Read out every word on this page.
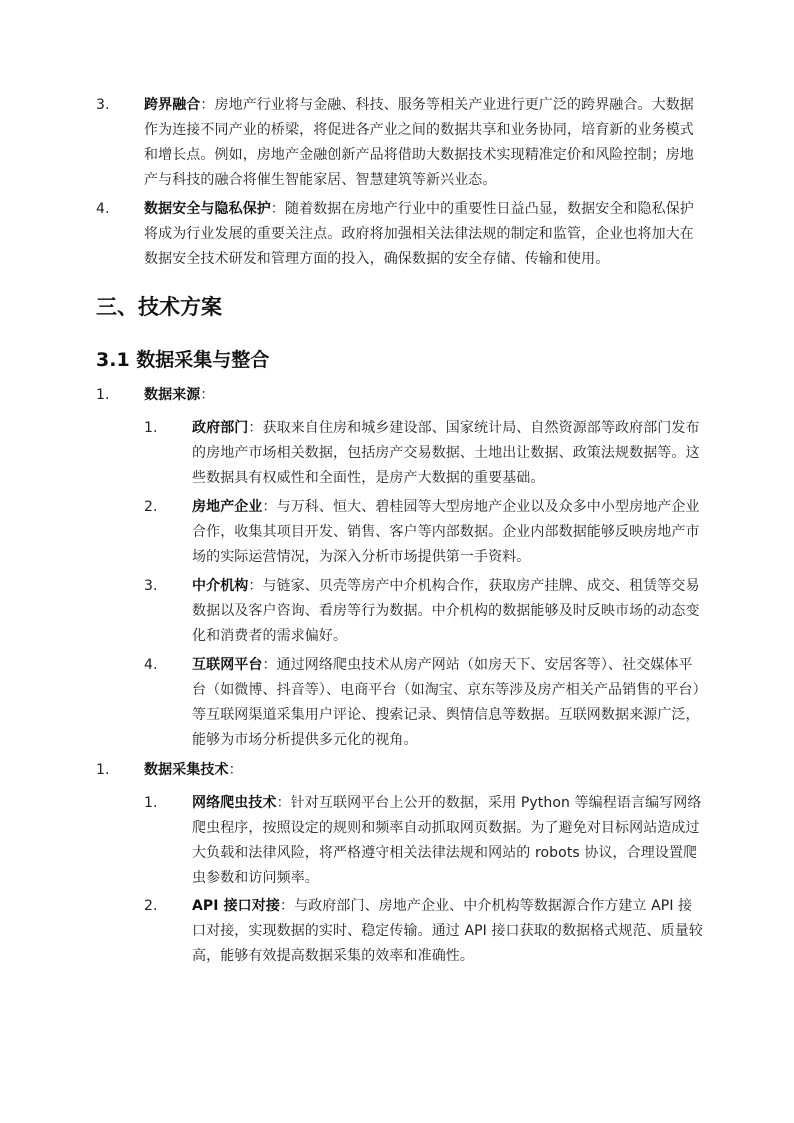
3.	跨界融合：房地产行业将与金融、科技、服务等相关产业进行更广泛的跨界融合。大数据作为连接不同产业的桥梁，将促进各产业之间的数据共享和业务协同，培育新的业务模式和增长点。例如，房地产金融创新产品将借助大数据技术实现精准定价和风险控制；房地产与科技的融合将催生智能家居、智慧建筑等新兴业态。
4.	数据安全与隐私保护：随着数据在房地产行业中的重要性日益凸显，数据安全和隐私保护将成为行业发展的重要关注点。政府将加强相关法律法规的制定和监管，企业也将加大在数据安全技术研发和管理方面的投入，确保数据的安全存储、传输和使用。
三、技术方案
3.1 数据采集与整合
1.	数据来源：
1.	政府部门：获取来自住房和城乡建设部、国家统计局、自然资源部等政府部门发布的房地产市场相关数据，包括房产交易数据、土地出让数据、政策法规数据等。这些数据具有权威性和全面性，是房产大数据的重要基础。
2.	房地产企业：与万科、恒大、碧桂园等大型房地产企业以及众多中小型房地产企业合作，收集其项目开发、销售、客户等内部数据。企业内部数据能够反映房地产市场的实际运营情况，为深入分析市场提供第一手资料。
3.	中介机构：与链家、贝壳等房产中介机构合作，获取房产挂牌、成交、租赁等交易数据以及客户咨询、看房等行为数据。中介机构的数据能够及时反映市场的动态变化和消费者的需求偏好。
4.	互联网平台：通过网络爬虫技术从房产网站（如房天下、安居客等）、社交媒体平台（如微博、抖音等）、电商平台（如淘宝、京东等涉及房产相关产品销售的平台）等互联网渠道采集用户评论、搜索记录、舆情信息等数据。互联网数据来源广泛，能够为市场分析提供多元化的视角。
1.	数据采集技术：
1.	网络爬虫技术：针对互联网平台上公开的数据，采用 Python 等编程语言编写网络爬虫程序，按照设定的规则和频率自动抓取网页数据。为了避免对目标网站造成过大负载和法律风险，将严格遵守相关法律法规和网站的 robots 协议，合理设置爬虫参数和访问频率。
2.	API 接口对接：与政府部门、房地产企业、中介机构等数据源合作方建立 API 接口对接，实现数据的实时、稳定传输。通过 API 接口获取的数据格式规范、质量较高，能够有效提高数据采集的效率和准确性。
